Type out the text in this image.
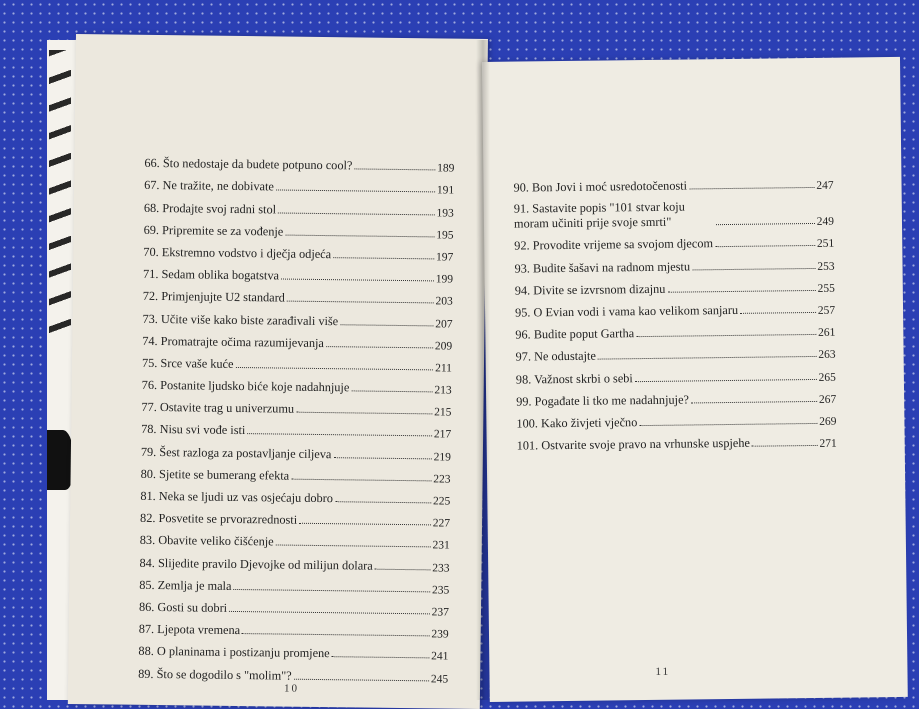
66. Što nedostaje da budete potpuno cool?	189
67. Ne tražite, ne dobivate	191
68. Prodajte svoj radni stol	193
69. Pripremite se za vođenje	195
70. Ekstremno vodstvo i dječja odjeća	197
71. Sedam oblika bogatstva	199
72. Primjenjujte U2 standard	203
73. Učite više kako biste zarađivali više	207
74. Promatrajte očima razumijevanja	209
75. Srce vaše kuće	211
76. Postanite ljudsko biće koje nadahnjuje	213
77. Ostavite trag u univerzumu	215
78. Nisu svi vođe isti	217
79. Šest razloga za postavljanje ciljeva	219
80. Sjetite se bumerang efekta	223
81. Neka se ljudi uz vas osjećaju dobro	225
82. Posvetite se prvorazrednosti	227
83. Obavite veliko čišćenje	231
84. Slijedite pravilo Djevojke od milijun dolara	233
85. Zemlja je mala	235
86. Gosti su dobri	237
87. Ljepota vremena	239
88. O planinama i postizanju promjene	241
89. Što se dogodilo s "molim"?	245
10
90. Bon Jovi i moć usredotočenosti	247
91. Sastavite popis "101 stvar koju moram učiniti prije svoje smrti"	249
92. Provodite vrijeme sa svojom djecom	251
93. Budite šašavi na radnom mjestu	253
94. Divite se izvrsnom dizajnu	255
95. O Evian vodi i vama kao velikom sanjaru	257
96. Budite poput Gartha	261
97. Ne odustajte	263
98. Važnost skrbi o sebi	265
99. Pogađate li tko me nadahnjuje?	267
100. Kako živjeti vječno	269
101. Ostvarite svoje pravo na vrhunske uspjehe	271
11
